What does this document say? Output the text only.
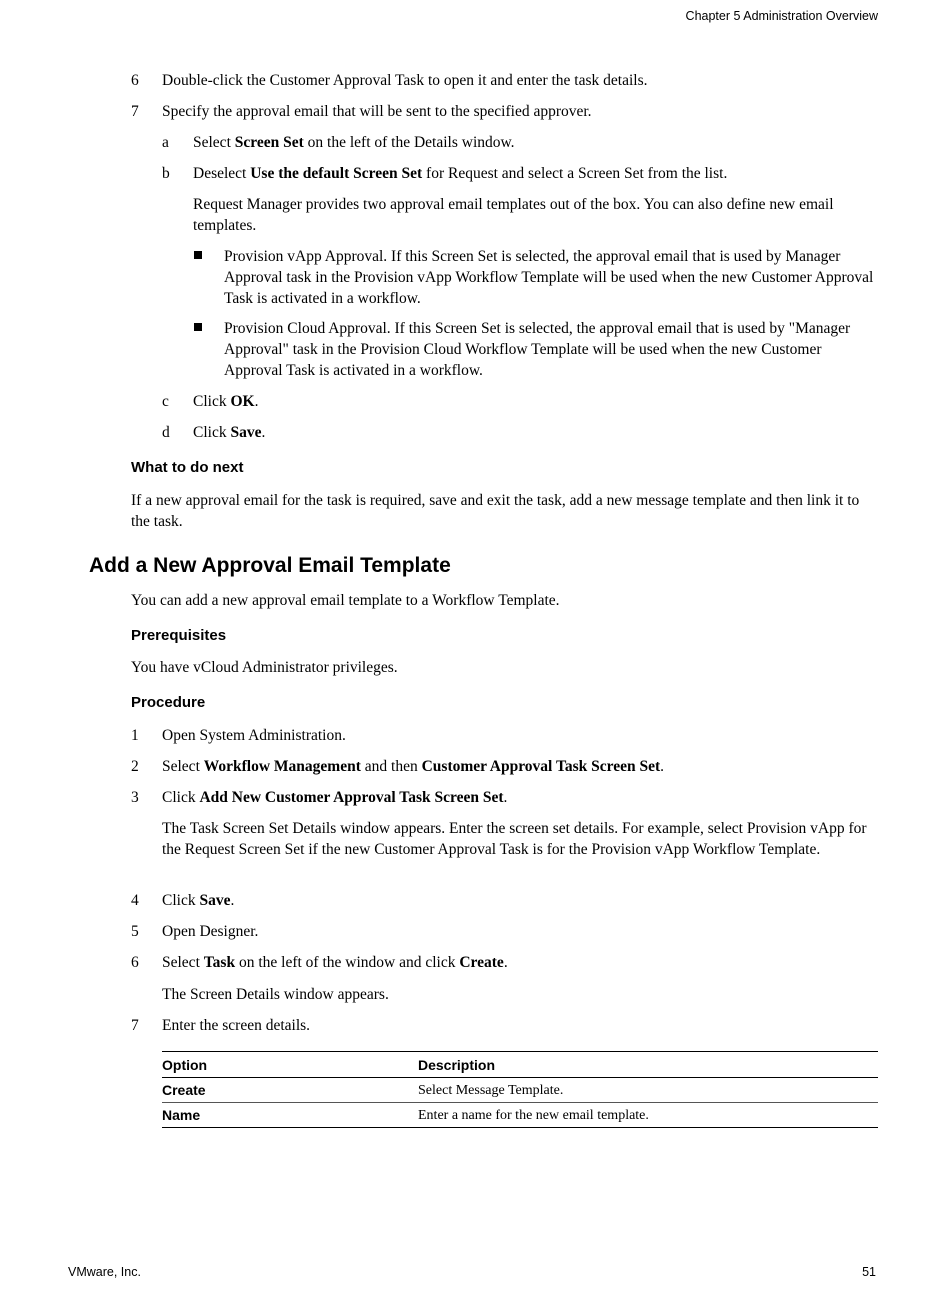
Chapter 5 Administration Overview
6	Double-click the Customer Approval Task to open it and enter the task details.
7	Specify the approval email that will be sent to the specified approver.
a	Select Screen Set on the left of the Details window.
b	Deselect Use the default Screen Set for Request and select a Screen Set from the list.
Request Manager provides two approval email templates out of the box. You can also define new email templates.
Provision vApp Approval. If this Screen Set is selected, the approval email that is used by Manager Approval task in the Provision vApp Workflow Template will be used when the new Customer Approval Task is activated in a workflow.
Provision Cloud Approval. If this Screen Set is selected, the approval email that is used by "Manager Approval" task in the Provision Cloud Workflow Template will be used when the new Customer Approval Task is activated in a workflow.
c	Click OK.
d	Click Save.
What to do next
If a new approval email for the task is required, save and exit the task, add a new message template and then link it to the task.
Add a New Approval Email Template
You can add a new approval email template to a Workflow Template.
Prerequisites
You have vCloud Administrator privileges.
Procedure
1	Open System Administration.
2	Select Workflow Management and then Customer Approval Task Screen Set.
3	Click Add New Customer Approval Task Screen Set.
The Task Screen Set Details window appears. Enter the screen set details. For example, select Provision vApp for the Request Screen Set if the new Customer Approval Task is for the Provision vApp Workflow Template.
4	Click Save.
5	Open Designer.
6	Select Task on the left of the window and click Create.
The Screen Details window appears.
7	Enter the screen details.
Option	Description
Create	Select Message Template.
Name	Enter a name for the new email template.
VMware, Inc.	51
